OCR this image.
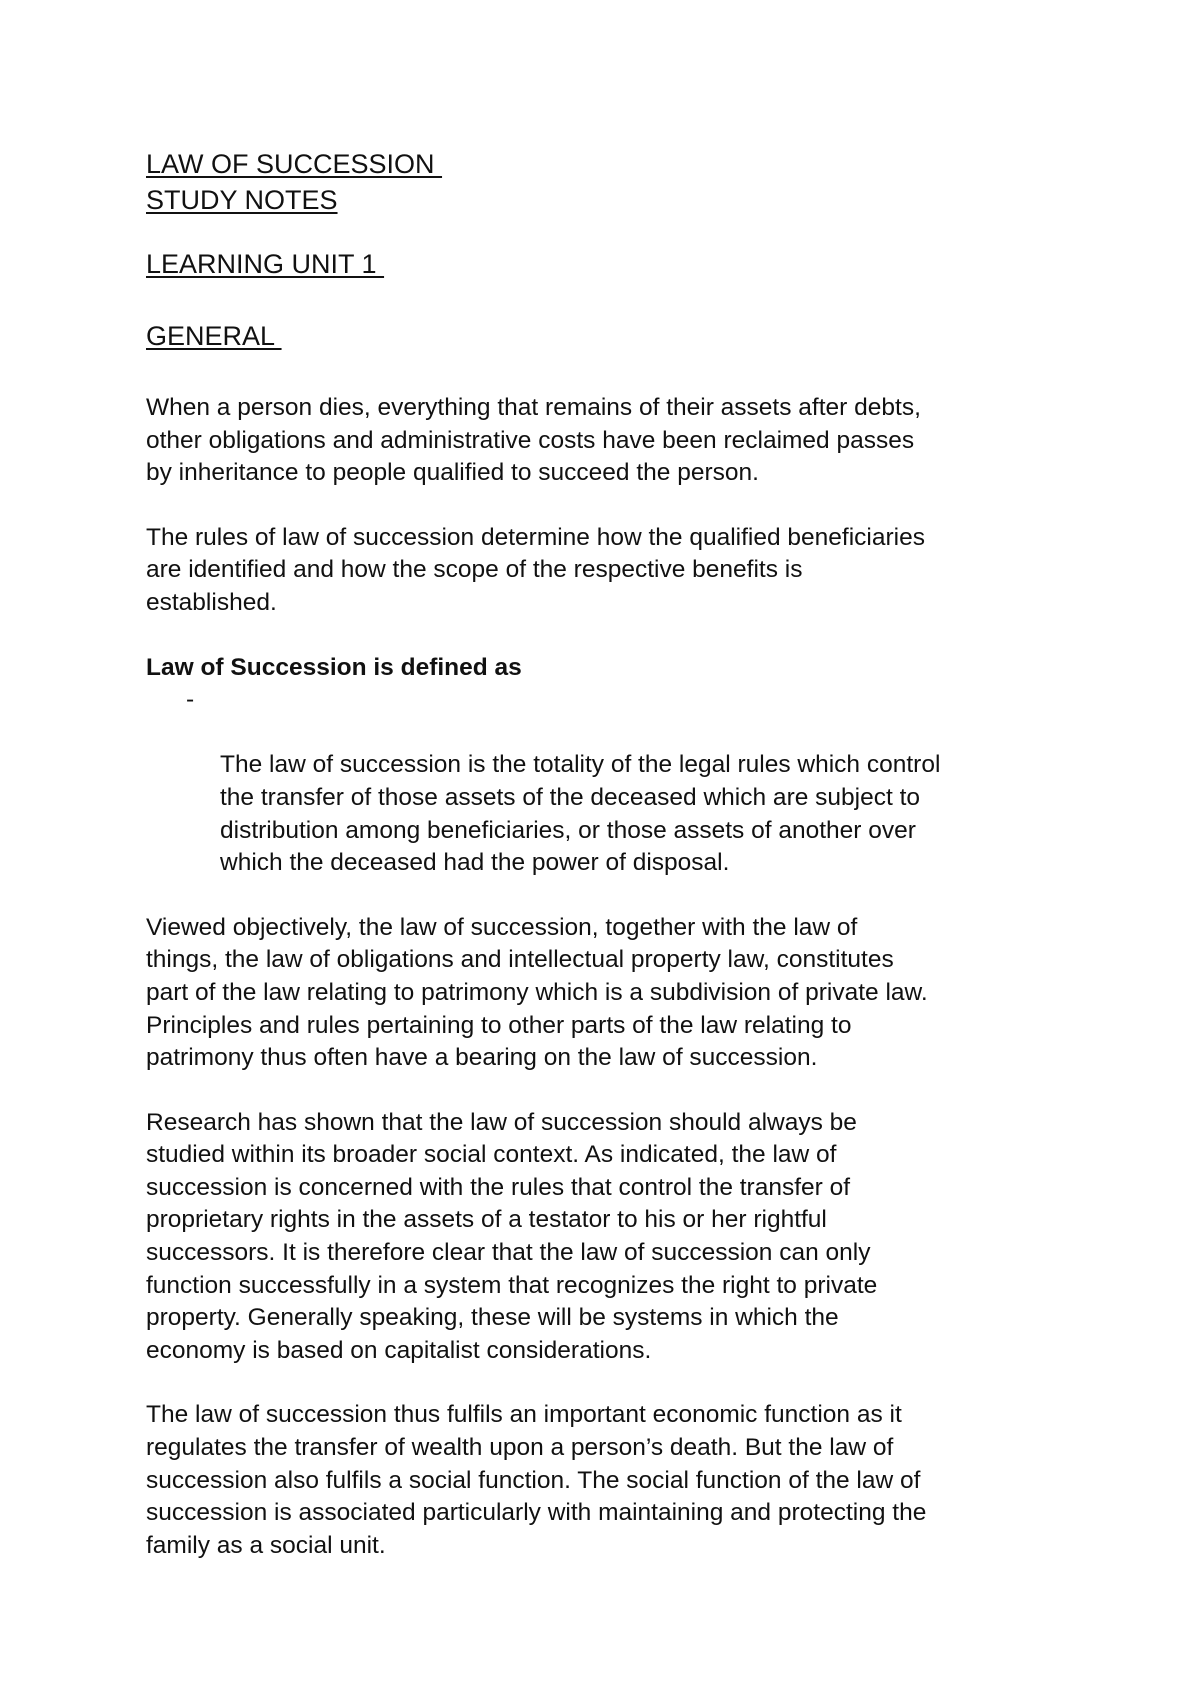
LAW OF SUCCESSION
STUDY NOTES
LEARNING UNIT 1
GENERAL

When a person dies, everything that remains of their assets after debts,
other obligations and administrative costs have been reclaimed passes
by inheritance to people qualified to succeed the person.

The rules of law of succession determine how the qualified beneficiaries
are identified and how the scope of the respective benefits is
established.

Law of Succession is defined as

-

The law of succession is the totality of the legal rules which control
the transfer of those assets of the deceased which are subject to
distribution among beneficiaries, or those assets of another over
which the deceased had the power of disposal.

Viewed objectively, the law of succession, together with the law of
things, the law of obligations and intellectual property law, constitutes
part of the law relating to patrimony which is a subdivision of private law.
Principles and rules pertaining to other parts of the law relating to
patrimony thus often have a bearing on the law of succession.

Research has shown that the law of succession should always be
studied within its broader social context. As indicated, the law of
succession is concerned with the rules that control the transfer of
proprietary rights in the assets of a testator to his or her rightful
successors. It is therefore clear that the law of succession can only
function successfully in a system that recognizes the right to private
property. Generally speaking, these will be systems in which the
economy is based on capitalist considerations.

The law of succession thus fulfils an important economic function as it
regulates the transfer of wealth upon a person’s death. But the law of
succession also fulfils a social function. The social function of the law of
succession is associated particularly with maintaining and protecting the
family as a social unit.
